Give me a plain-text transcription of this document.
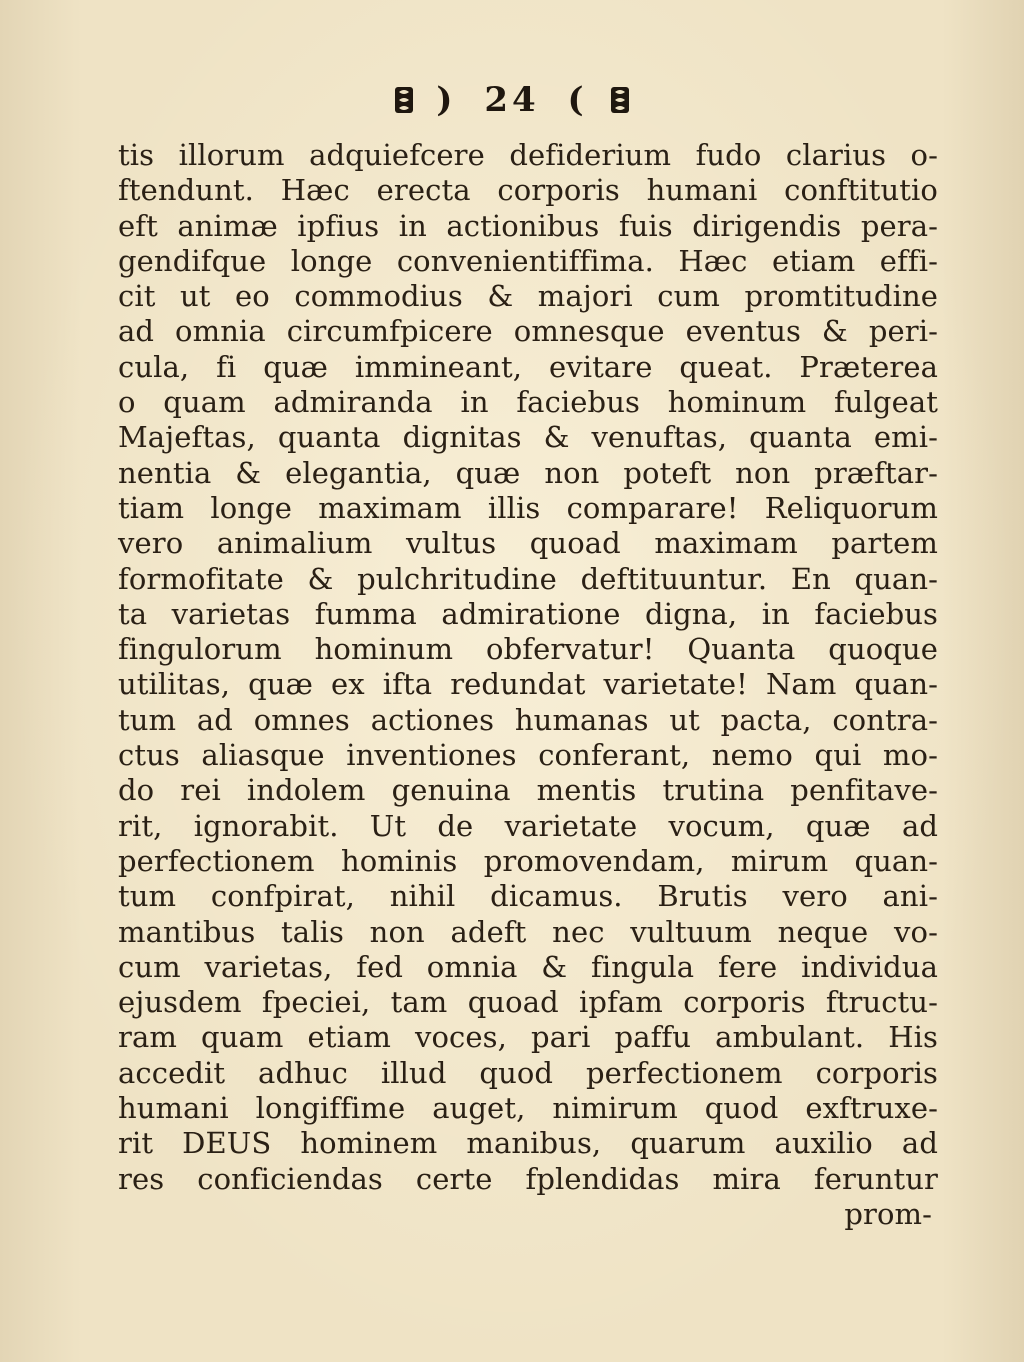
) 24 (
tis illorum adquiefcere defiderium fudo clarius o-
ftendunt. Hæc erecta corporis humani conftitutio
eft animæ ipfius in actionibus fuis dirigendis pera-
gendifque longe convenientiffima. Hæc etiam effi-
cit ut eo commodius & majori cum promtitudine
ad omnia circumfpicere omnesque eventus & peri-
cula, fi quæ immineant, evitare queat. Præterea
o quam admiranda in faciebus hominum fulgeat
Majeftas, quanta dignitas & venuftas, quanta emi-
nentia & elegantia, quæ non poteft non præftar-
tiam longe maximam illis comparare! Reliquorum
vero animalium vultus quoad maximam partem
formofitate & pulchritudine deftituuntur. En quan-
ta varietas fumma admiratione digna, in faciebus
fingulorum hominum obfervatur! Quanta quoque
utilitas, quæ ex ifta redundat varietate! Nam quan-
tum ad omnes actiones humanas ut pacta, contra-
ctus aliasque inventiones conferant, nemo qui mo-
do rei indolem genuina mentis trutina penfitave-
rit, ignorabit. Ut de varietate vocum, quæ ad
perfectionem hominis promovendam, mirum quan-
tum confpirat, nihil dicamus. Brutis vero ani-
mantibus talis non adeft nec vultuum neque vo-
cum varietas, fed omnia & fingula fere individua
ejusdem fpeciei, tam quoad ipfam corporis ftructu-
ram quam etiam voces, pari paffu ambulant. His
accedit adhuc illud quod perfectionem corporis
humani longiffime auget, nimirum quod exftruxe-
rit DEUS hominem manibus, quarum auxilio ad
res conficiendas certe fplendidas mira feruntur
prom-
